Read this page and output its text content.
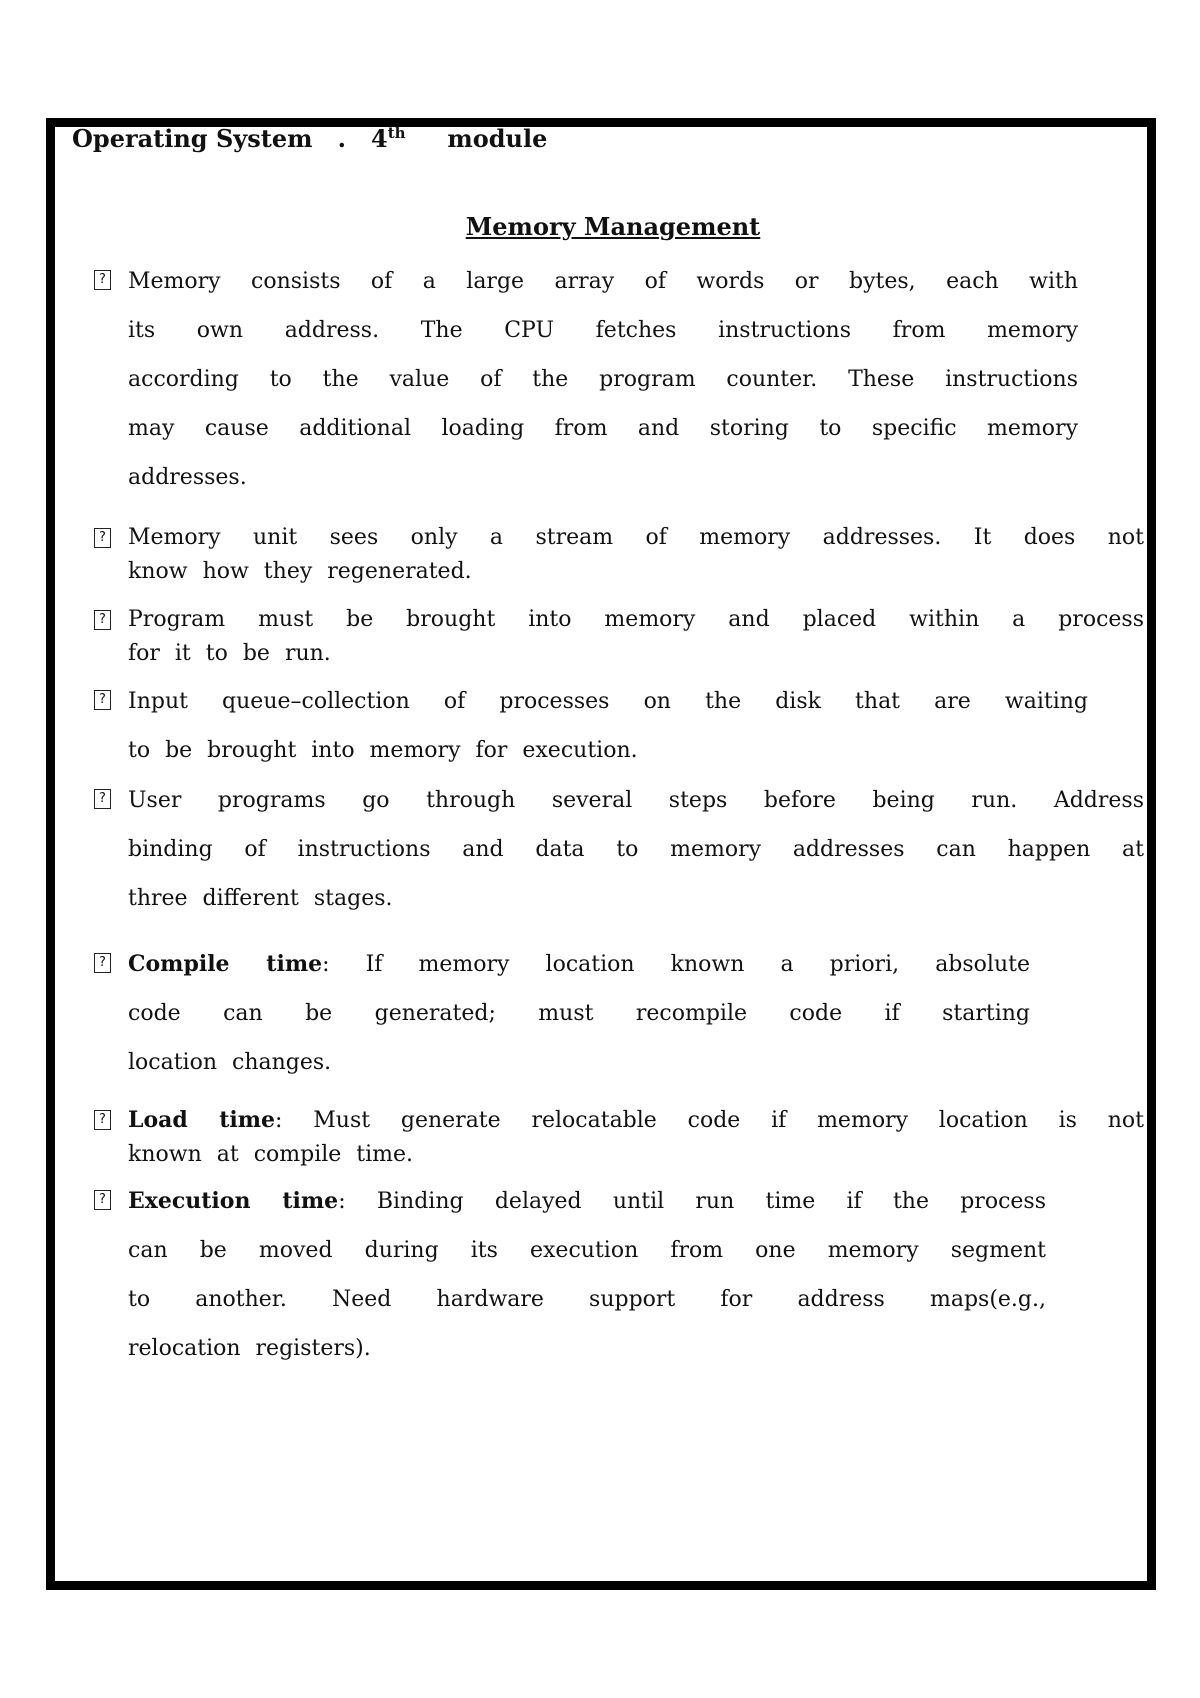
Operating System . 4th module
Memory Management
? Memory consists of a large array of words or bytes, each with
its own address. The CPU fetches instructions from memory
according to the value of the program counter. These instructions
may cause additional loading from and storing to specific memory
addresses.
? Memory unit sees only a stream of memory addresses. It does not
know how they regenerated.
? Program must be brought into memory and placed within a process
for it to be run.
? Input queue–collection of processes on the disk that are waiting
to be brought into memory for execution.
? User programs go through several steps before being run. Address
binding of instructions and data to memory addresses can happen at
three different stages.
? Compile time: If memory location known a priori, absolute
code can be generated; must recompile code if starting
location changes.
? Load time: Must generate relocatable code if memory location is not
known at compile time.
? Execution time: Binding delayed until run time if the process
can be moved during its execution from one memory segment
to another. Need hardware support for address maps(e.g.,
relocation registers).
